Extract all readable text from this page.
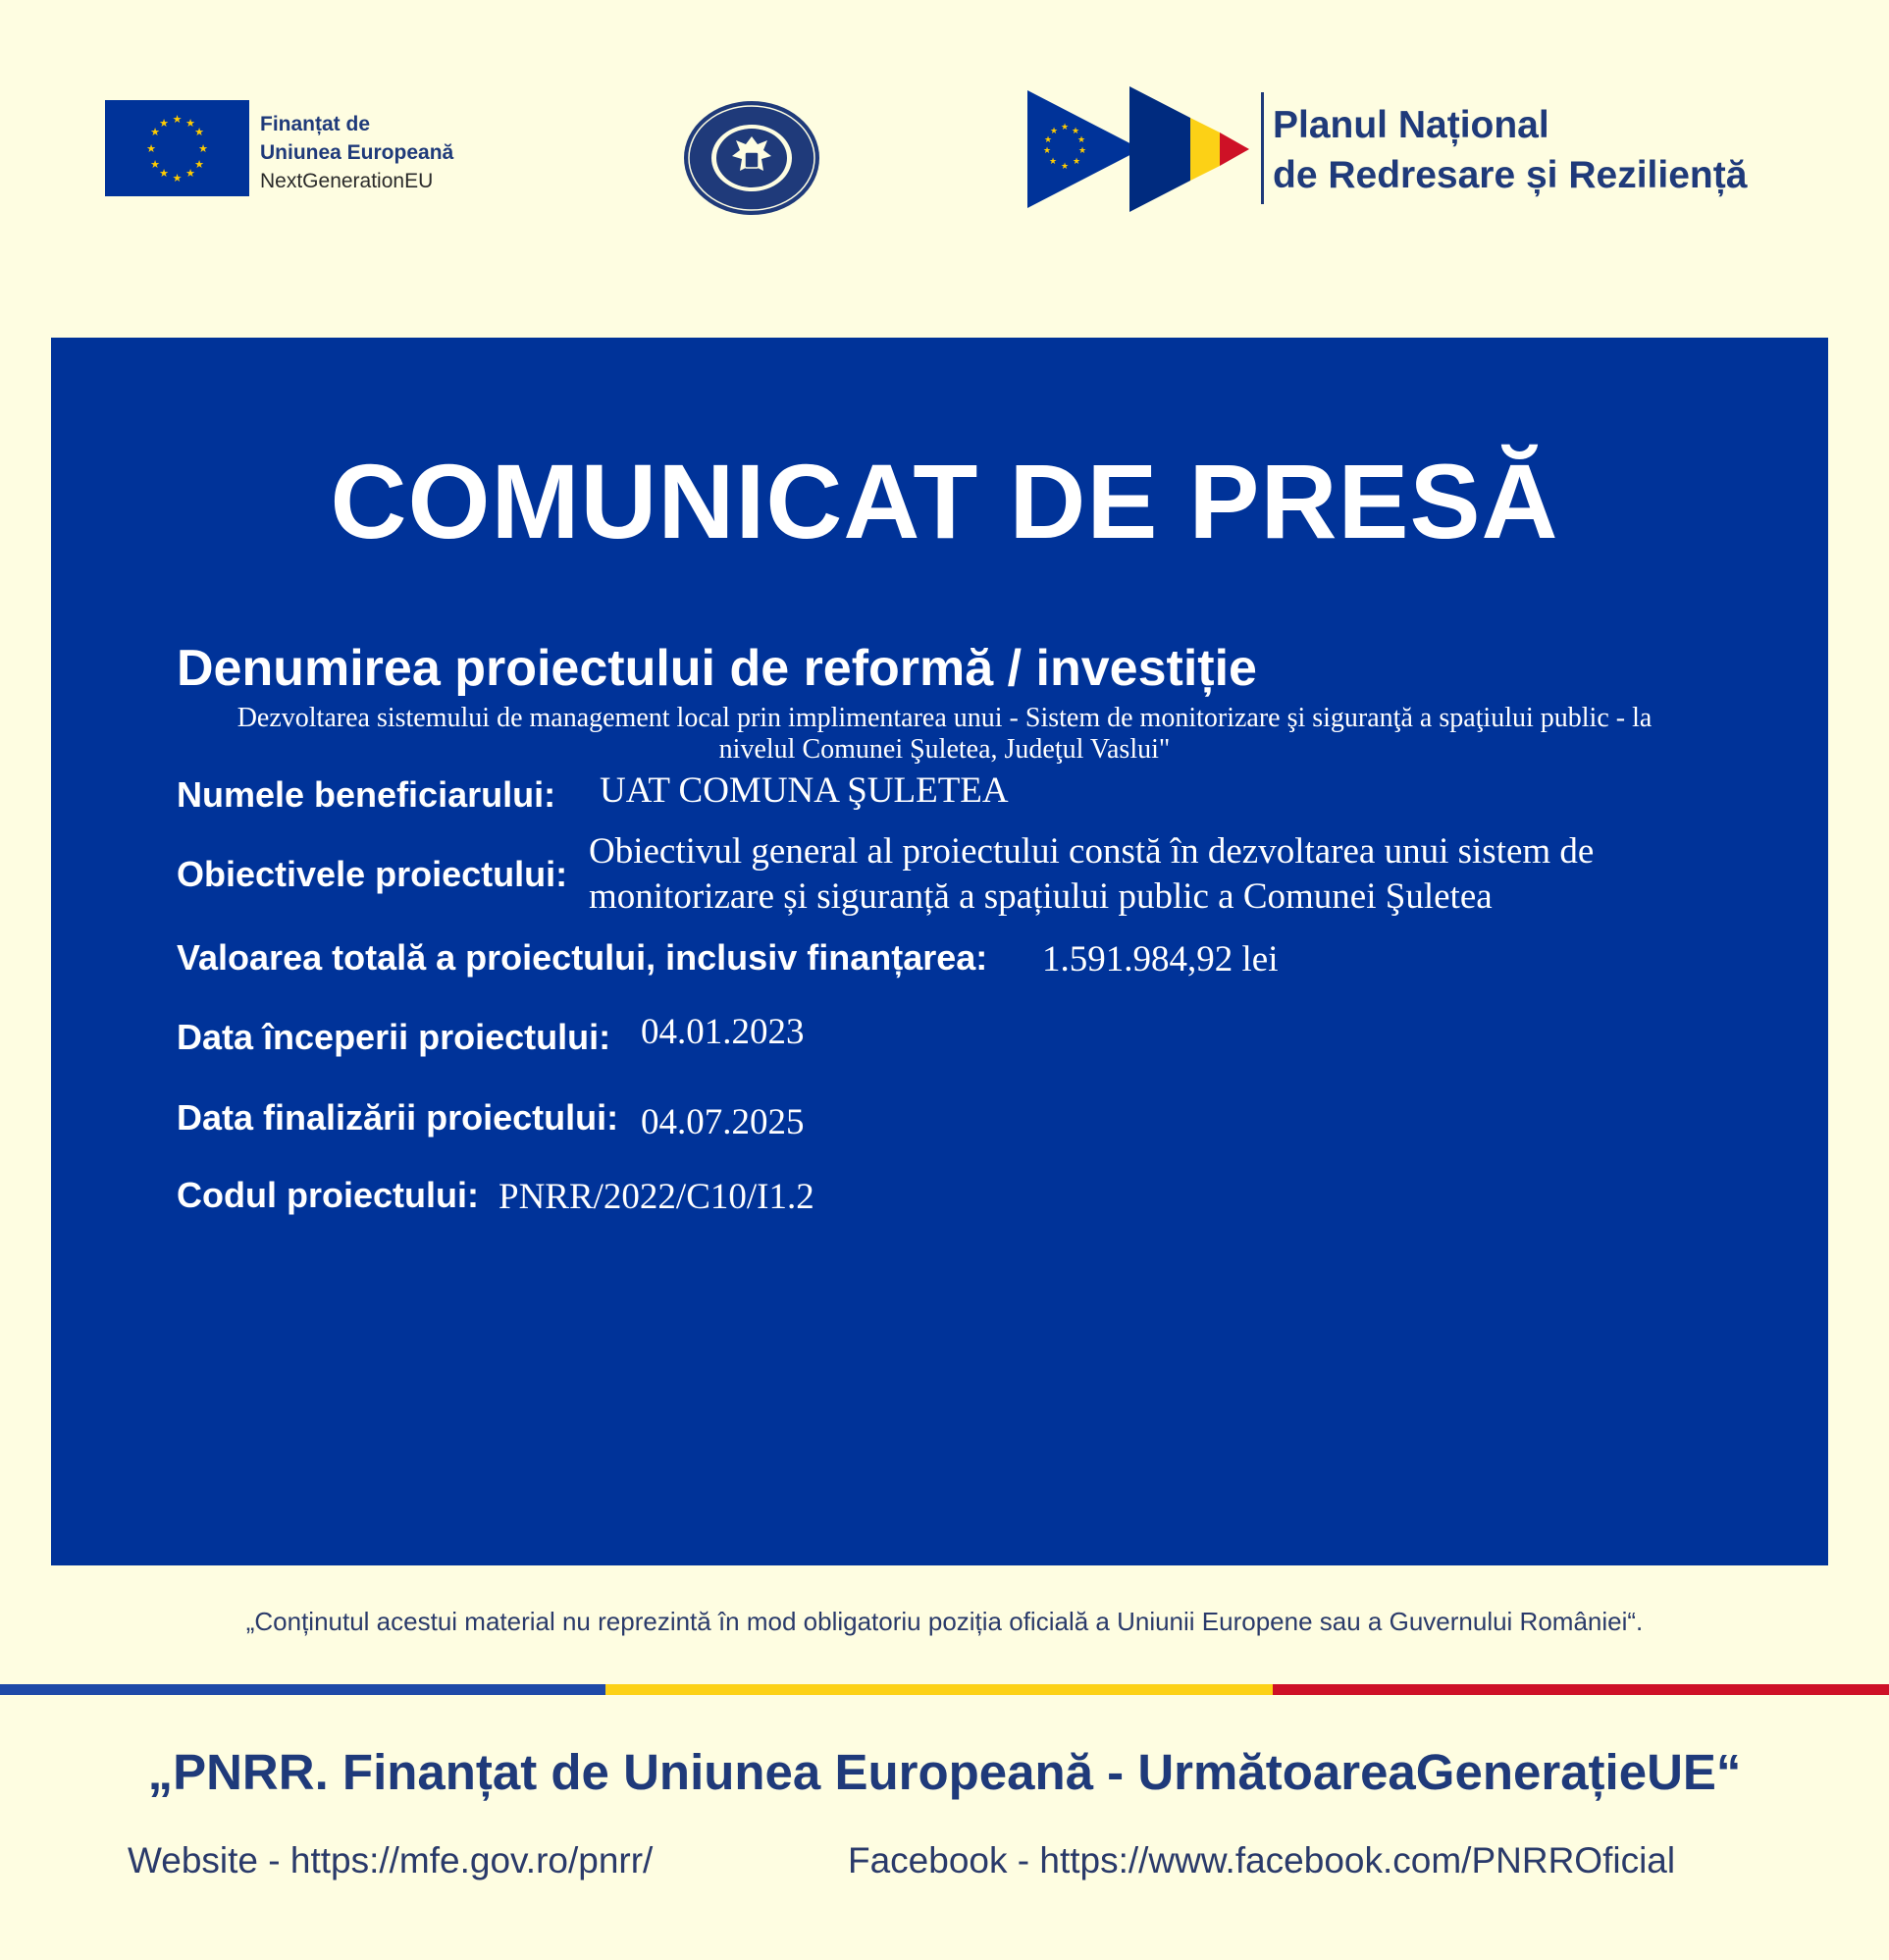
★ ★
★
★
★
★
★
★
★
★
★
★	Finanțat de
Uniunea Europeană
NextGenerationEU
★ ★
★
★
★
★
★
★
★
★	Planul Național
de Redresare și Reziliență
COMUNICAT DE PRESĂ
Denumirea proiectului de reformă / investiție
Dezvoltarea sistemului de management local prin implimentarea unui - Sistem de monitorizare şi siguranţă a spaţiului public - la
nivelul Comunei Şuletea, Judeţul Vaslui"
Numele beneficiarului: UAT COMUNA ŞULETEA
Obiectivele proiectului:
Obiectivul general al proiectului constă în dezvoltarea unui sistem de
monitorizare și siguranță a spațiului public a Comunei Şuletea
Valoarea totală a proiectului, inclusiv finanțarea: 1.591.984,92 lei
Data începerii proiectului: 04.01.2023
Data finalizării proiectului: 04.07.2025
Codul proiectului: PNRR/2022/C10/I1.2
„Conținutul acestui material nu reprezintă în mod obligatoriu poziția oficială a Uniunii Europene sau a Guvernului României“.
„PNRR. Finanțat de Uniunea Europeană - UrmătoareaGenerațieUE“
Website - https://mfe.gov.ro/pnrr/	Facebook - https://www.facebook.com/PNRROficial
